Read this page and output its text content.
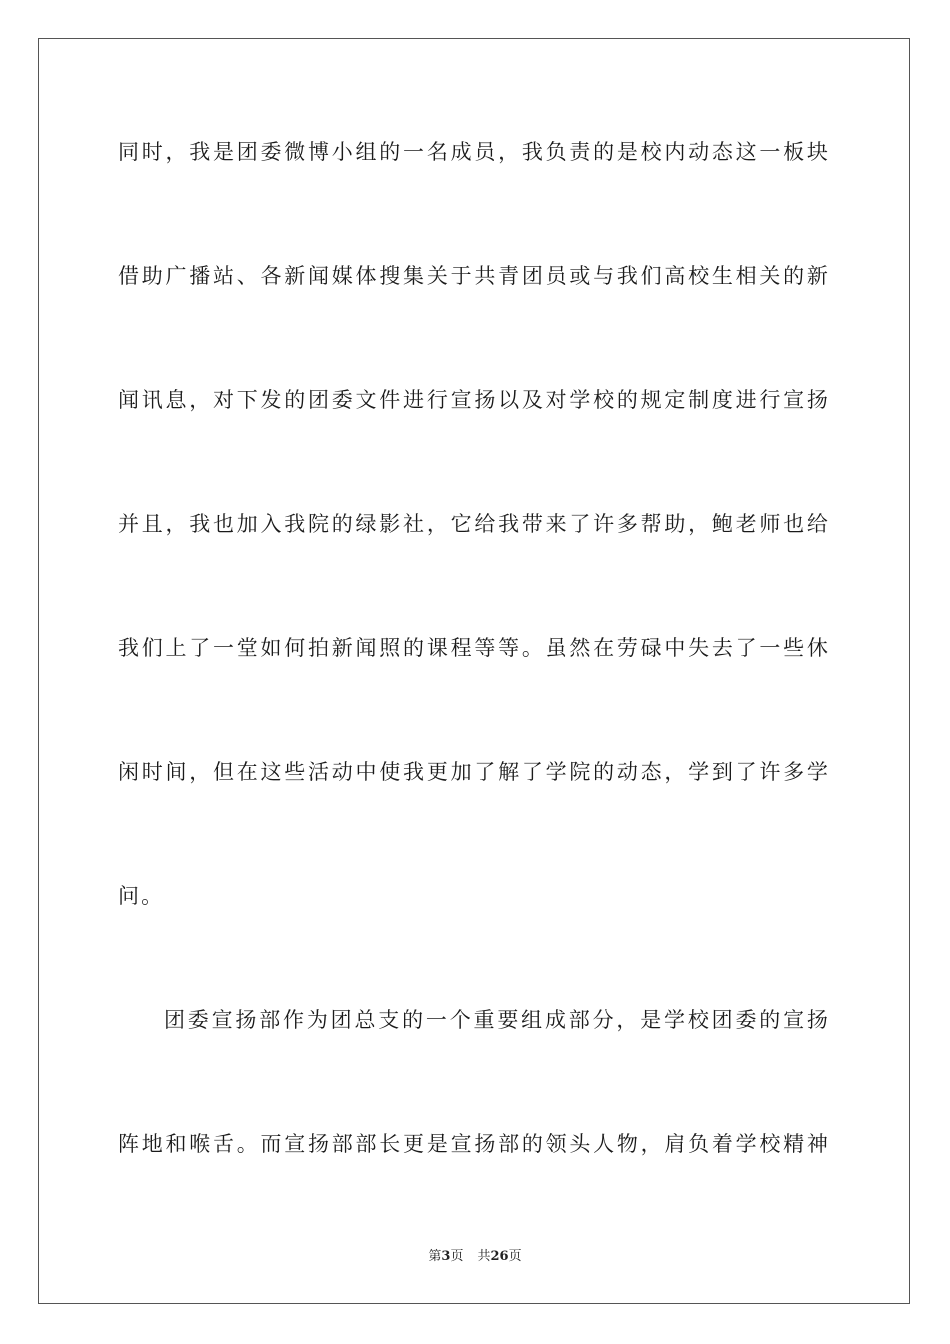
同时，我是团委微博小组的一名成员，我负责的是校内动态这一板块
借助广播站、各新闻媒体搜集关于共青团员或与我们高校生相关的新
闻讯息，对下发的团委文件进行宣扬以及对学校的规定制度进行宣扬
并且，我也加入我院的绿影社，它给我带来了许多帮助，鲍老师也给
我们上了一堂如何拍新闻照的课程等等。虽然在劳碌中失去了一些休
闲时间，但在这些活动中使我更加了解了学院的动态，学到了许多学
问。
团委宣扬部作为团总支的一个重要组成部分，是学校团委的宣扬
阵地和喉舌。而宣扬部部长更是宣扬部的领头人物，肩负着学校精神
第3页 共26页
